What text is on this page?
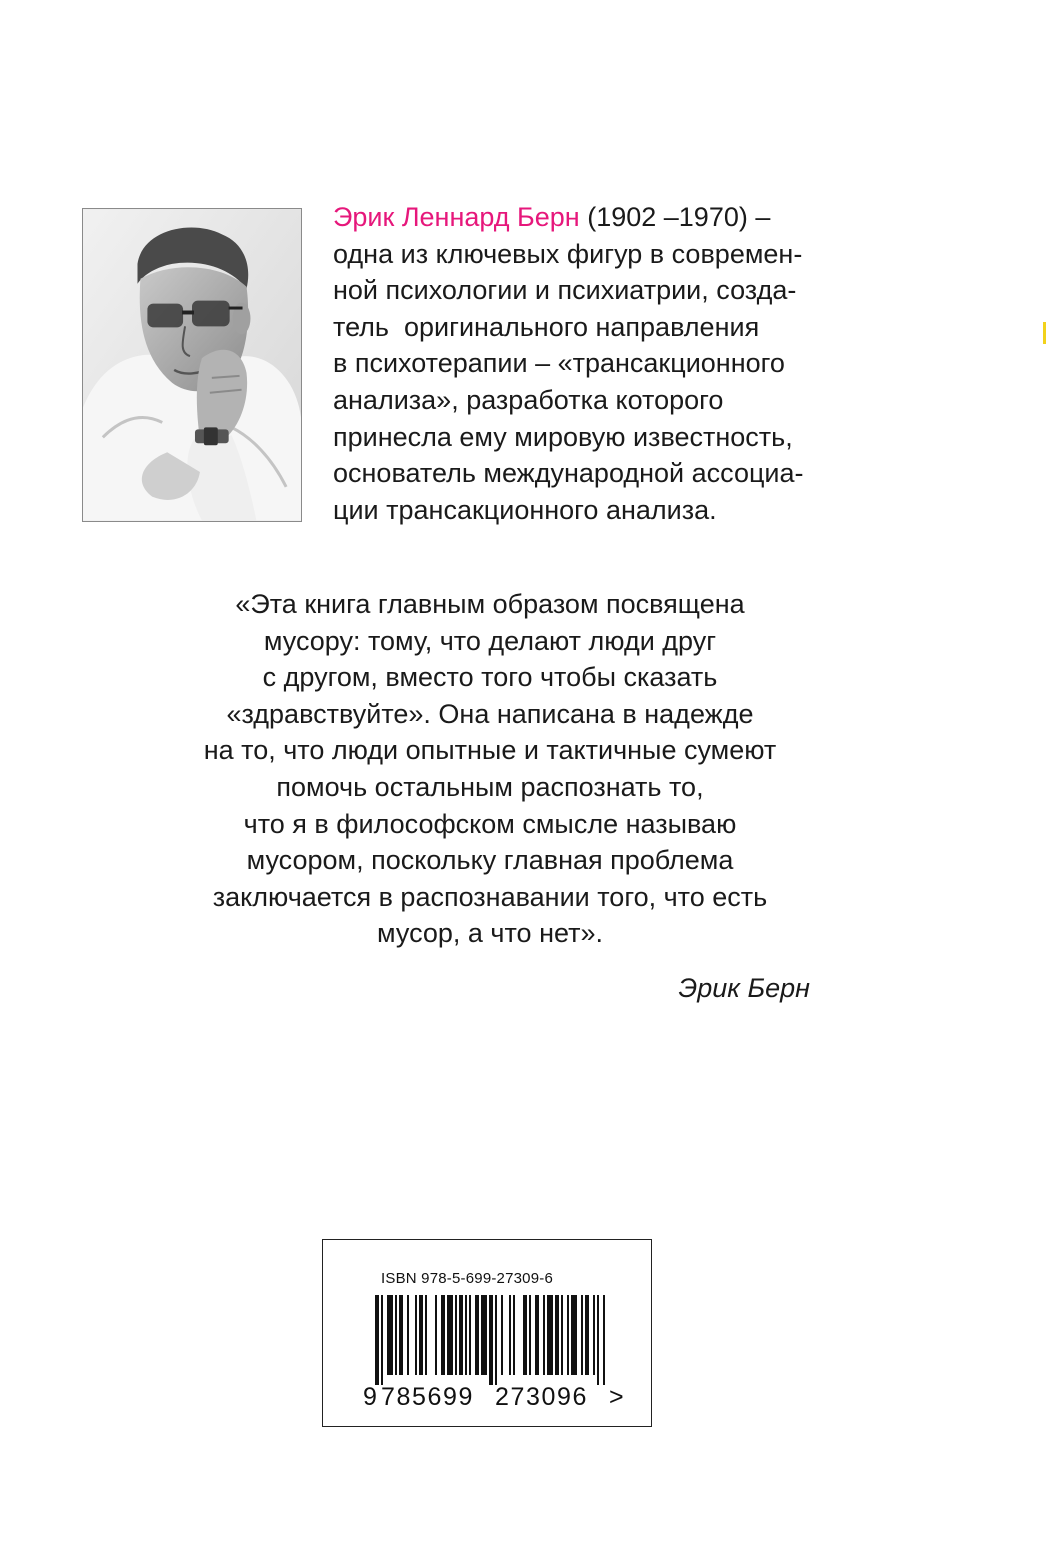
Эрик Леннард Берн (1902 –1970) –
одна из ключевых фигур в современ-
ной психологии и психиатрии, созда-
тель  оригинального направления
в психотерапии – «трансакционного
анализа», разработка которого
принесла ему мировую известность,
основатель международной ассоциа-
ции трансакционного анализа.

«Эта книга главным образом посвящена
мусору: тому, что делают люди друг
с другом, вместо того чтобы сказать
«здравствуйте». Она написана в надежде
на то, что люди опытные и тактичные сумеют
помочь остальным распознать то,
что я в философском смысле называю
мусором, поскольку главная проблема
заключается в распознавании того, что есть
мусор, а что нет».

Эрик Берн
ISBN 978-5-699-27309-6

9

785699

273096

>
